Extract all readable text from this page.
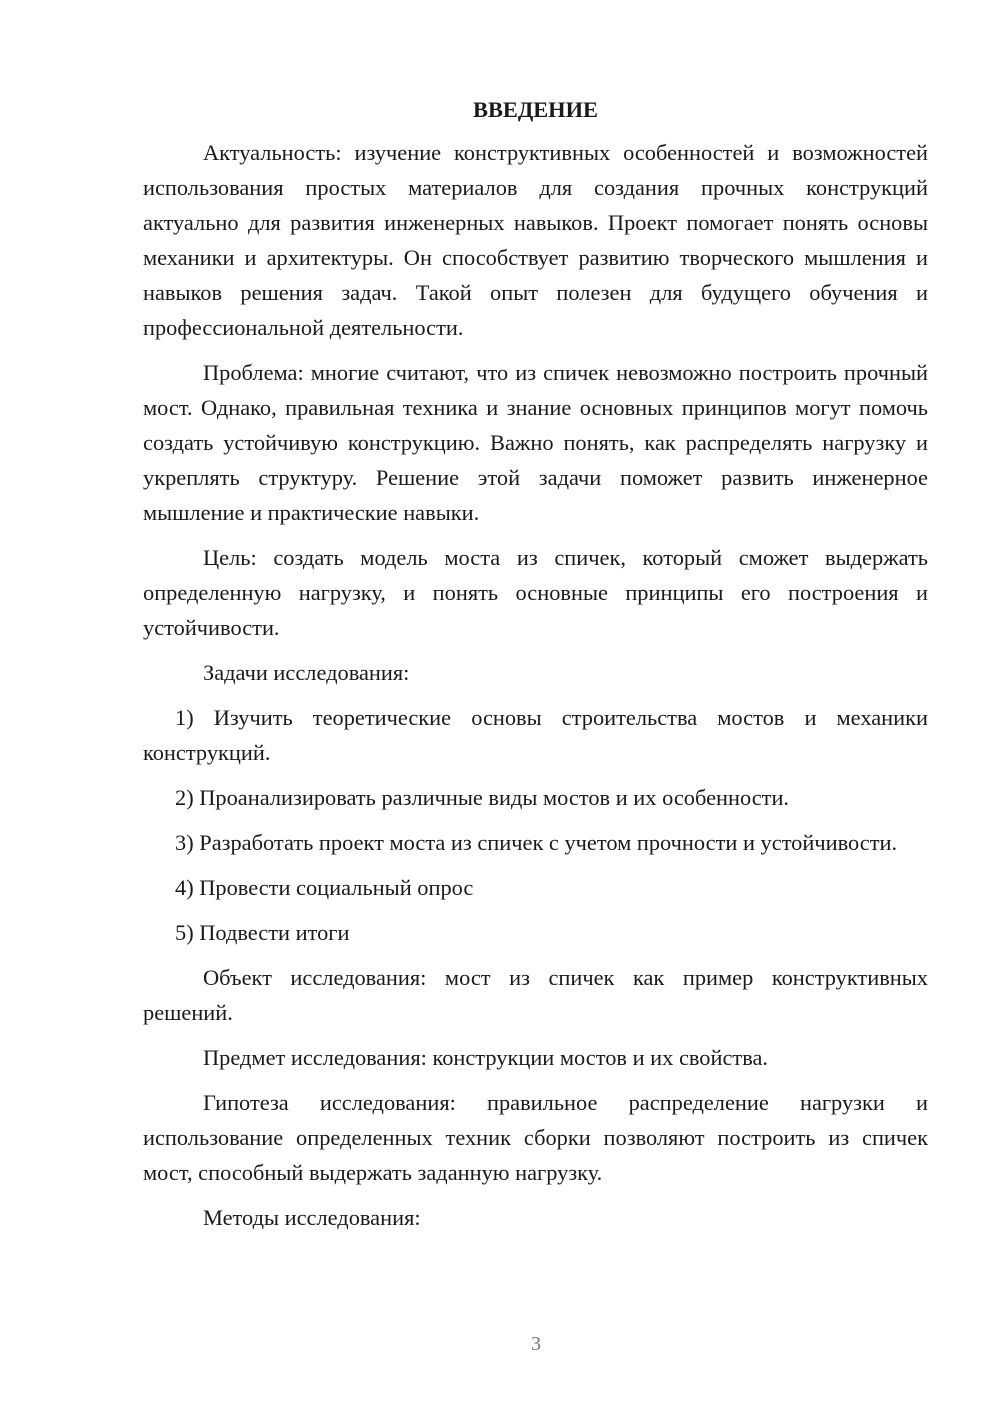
ВВЕДЕНИЕ

Актуальность: изучение конструктивных особенностей и возможностей использования простых материалов для создания прочных конструкций актуально для развития инженерных навыков. Проект помогает понять основы механики и архитектуры. Он способствует развитию творческого мышления и навыков решения задач. Такой опыт полезен для будущего обучения и профессиональной деятельности.

Проблема: многие считают, что из спичек невозможно построить прочный мост. Однако, правильная техника и знание основных принципов могут помочь создать устойчивую конструкцию. Важно понять, как распределять нагрузку и укреплять структуру. Решение этой задачи поможет развить инженерное мышление и практические навыки.

Цель: создать модель моста из спичек, который сможет выдержать определенную нагрузку, и понять основные принципы его построения и устойчивости.

Задачи исследования:

1) Изучить теоретические основы строительства мостов и механики конструкций.

2) Проанализировать различные виды мостов и их особенности.

3) Разработать проект моста из спичек с учетом прочности и устойчивости.

4) Провести социальный опрос

5) Подвести итоги

Объект исследования: мост из спичек как пример конструктивных решений.

Предмет исследования: конструкции мостов и их свойства.

Гипотеза исследования: правильное распределение нагрузки и использование определенных техник сборки позволяют построить из спичек мост, способный выдержать заданную нагрузку.

Методы исследования:

3
